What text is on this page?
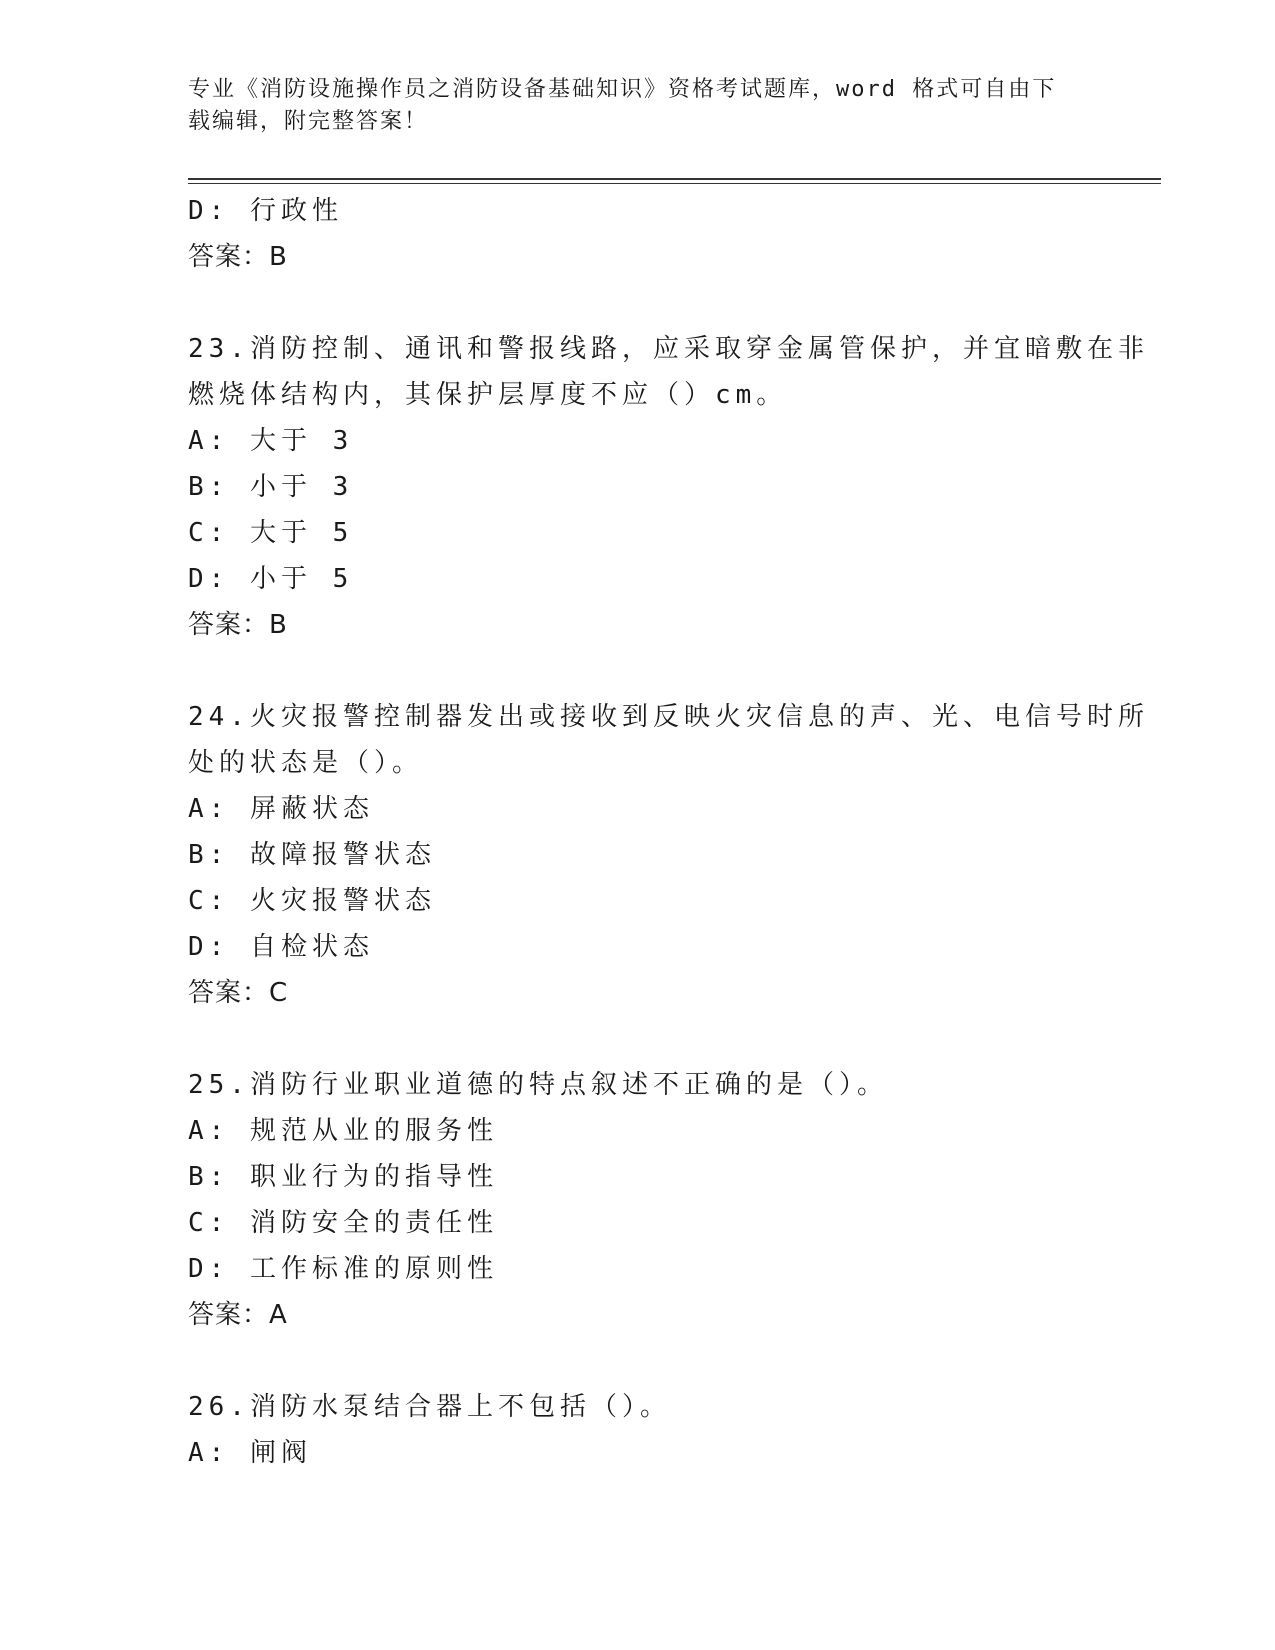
专业《消防设施操作员之消防设备基础知识》资格考试题库，word 格式可自由下
载编辑，附完整答案！
D: 行政性
答案：B
23.消防控制、通讯和警报线路，应采取穿金属管保护，并宜暗敷在非
燃烧体结构内，其保护层厚度不应（）cm。
A: 大于 3
B: 小于 3
C: 大于 5
D: 小于 5
答案：B
24.火灾报警控制器发出或接收到反映火灾信息的声、光、电信号时所
处的状态是（）。
A: 屏蔽状态
B: 故障报警状态
C: 火灾报警状态
D: 自检状态
答案：C
25.消防行业职业道德的特点叙述不正确的是（）。
A: 规范从业的服务性
B: 职业行为的指导性
C: 消防安全的责任性
D: 工作标准的原则性
答案：A
26.消防水泵结合器上不包括（）。
A: 闸阀
